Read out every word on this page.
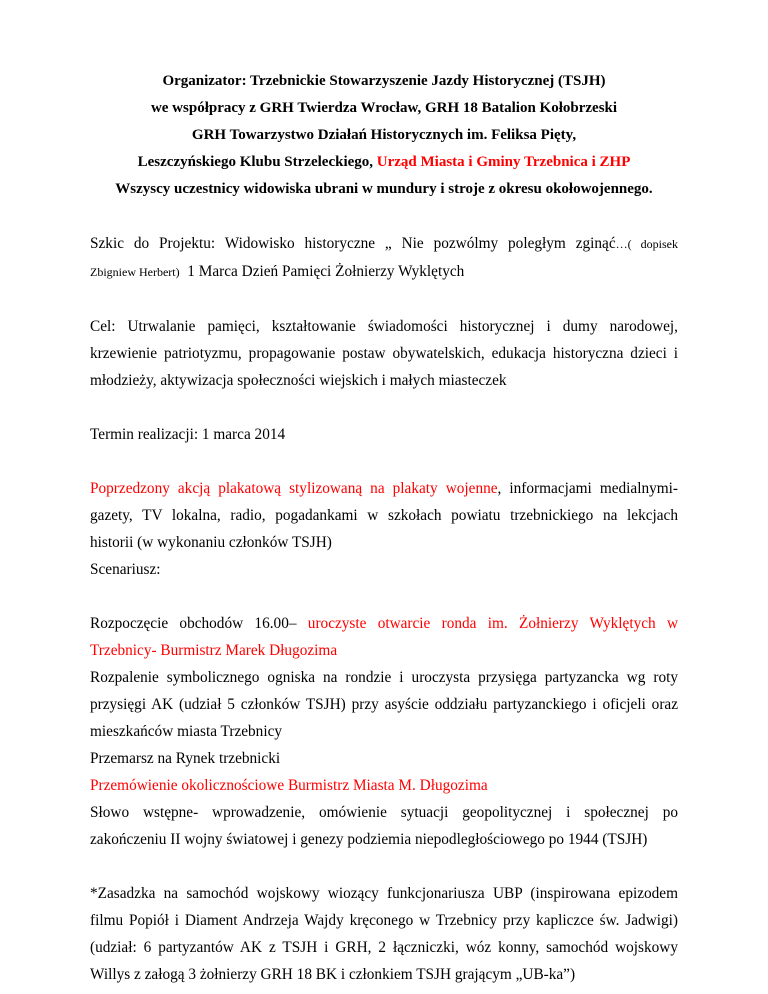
Organizator: Trzebnickie Stowarzyszenie Jazdy Historycznej (TSJH)
we współpracy z GRH Twierdza Wrocław, GRH 18 Batalion Kołobrzeski
GRH Towarzystwo Działań Historycznych im. Feliksa Pięty,
Leszczyńskiego Klubu Strzeleckiego, Urząd Miasta i Gminy Trzebnica i ZHP
Wszyscy uczestnicy widowiska ubrani w mundury i stroje z okresu okołowojennego.
Szkic do Projektu: Widowisko historyczne „ Nie pozwólmy poległym zginąć…( dopisek
Zbigniew Herbert) 1 Marca Dzień Pamięci Żołnierzy Wyklętych
Cel: Utrwalanie pamięci, kształtowanie świadomości historycznej i dumy narodowej,
krzewienie patriotyzmu, propagowanie postaw obywatelskich, edukacja historyczna dzieci i
młodzieży, aktywizacja społeczności wiejskich i małych miasteczek
Termin realizacji: 1 marca 2014
Poprzedzony akcją plakatową stylizowaną na plakaty wojenne, informacjami medialnymi-
gazety, TV lokalna, radio, pogadankami w szkołach powiatu trzebnickiego na lekcjach
historii (w wykonaniu członków TSJH)
Scenariusz:
Rozpoczęcie obchodów 16.00– uroczyste otwarcie ronda im. Żołnierzy Wyklętych w
Trzebnicy- Burmistrz Marek Długozima
Rozpalenie symbolicznego ogniska na rondzie i uroczysta przysięga partyzancka wg roty
przysięgi AK (udział 5 członków TSJH) przy asyście oddziału partyzanckiego i oficjeli oraz
mieszkańców miasta Trzebnicy
Przemarsz na Rynek trzebnicki
Przemówienie okolicznościowe Burmistrz Miasta M. Długozima
Słowo wstępne- wprowadzenie, omówienie sytuacji geopolitycznej i społecznej po
zakończeniu II wojny światowej i genezy podziemia niepodległościowego po 1944 (TSJH)
*Zasadzka na samochód wojskowy wiozący funkcjonariusza UBP (inspirowana epizodem
filmu Popiół i Diament Andrzeja Wajdy kręconego w Trzebnicy przy kapliczce św. Jadwigi)
(udział: 6 partyzantów AK z TSJH i GRH, 2 łączniczki, wóz konny, samochód wojskowy
Willys z załogą 3 żołnierzy GRH 18 BK i członkiem TSJH grającym „UB-ka”)
